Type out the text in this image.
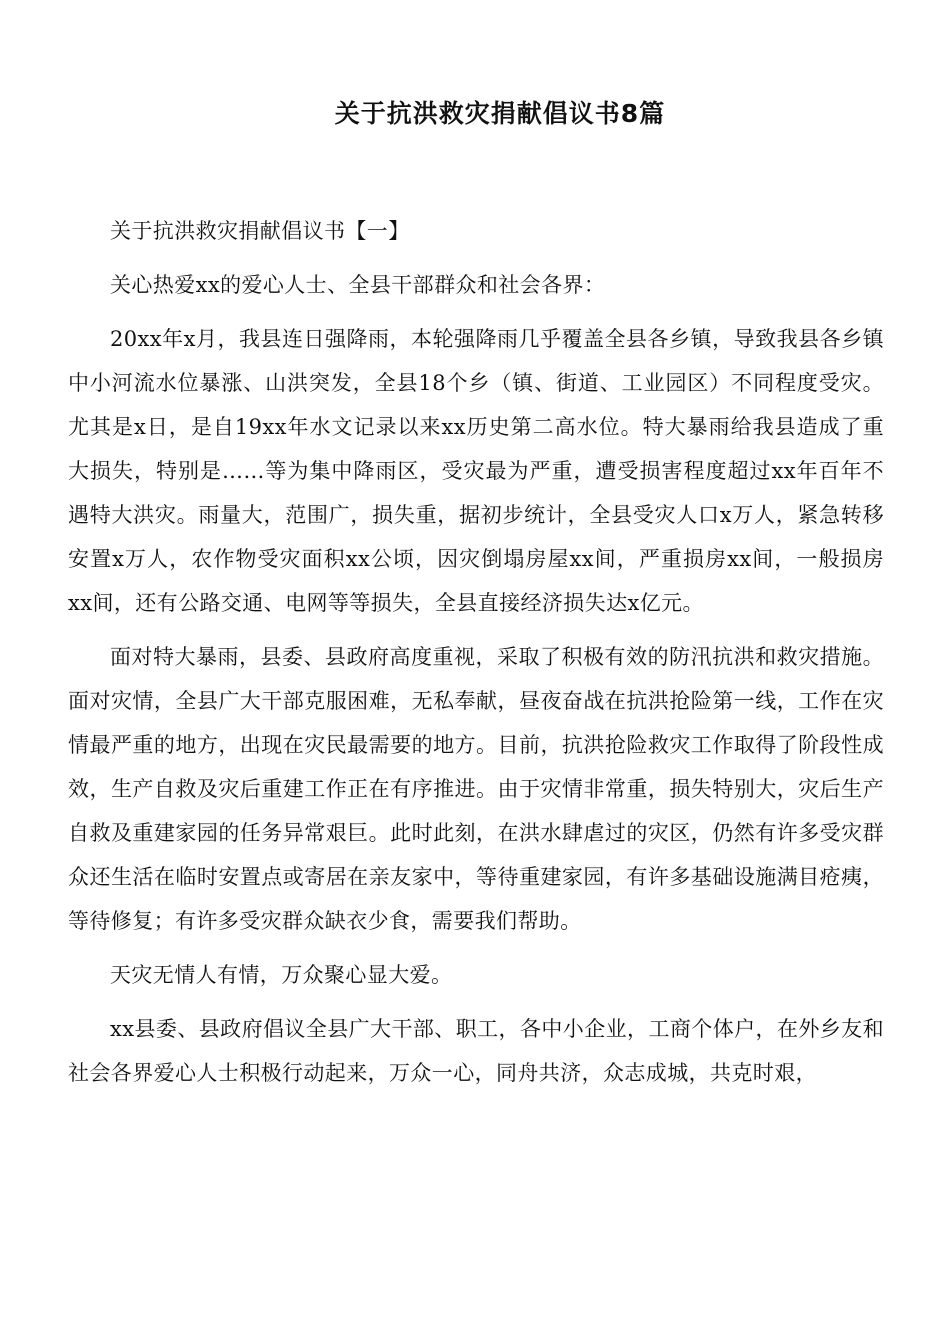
关于抗洪救灾捐献倡议书8篇

关于抗洪救灾捐献倡议书【一】

关心热爱xx的爱心人士、全县干部群众和社会各界：

20xx年x月，我县连日强降雨，本轮强降雨几乎覆盖全县各乡镇，导致我县各乡镇中小河流水位暴涨、山洪突发，全县18个乡（镇、街道、工业园区）不同程度受灾。尤其是x日，是自19xx年水文记录以来xx历史第二高水位。特大暴雨给我县造成了重大损失，特别是……等为集中降雨区，受灾最为严重，遭受损害程度超过xx年百年不遇特大洪灾。雨量大，范围广，损失重，据初步统计，全县受灾人口x万人，紧急转移安置x万人，农作物受灾面积xx公顷，因灾倒塌房屋xx间，严重损房xx间，一般损房xx间，还有公路交通、电网等等损失，全县直接经济损失达x亿元。

面对特大暴雨，县委、县政府高度重视，采取了积极有效的防汛抗洪和救灾措施。面对灾情，全县广大干部克服困难，无私奉献，昼夜奋战在抗洪抢险第一线，工作在灾情最严重的地方，出现在灾民最需要的地方。目前，抗洪抢险救灾工作取得了阶段性成效，生产自救及灾后重建工作正在有序推进。由于灾情非常重，损失特别大，灾后生产自救及重建家园的任务异常艰巨。此时此刻，在洪水肆虐过的灾区，仍然有许多受灾群众还生活在临时安置点或寄居在亲友家中，等待重建家园，有许多基础设施满目疮痍，等待修复；有许多受灾群众缺衣少食，需要我们帮助。

天灾无情人有情，万众聚心显大爱。

xx县委、县政府倡议全县广大干部、职工，各中小企业，工商个体户，在外乡友和社会各界爱心人士积极行动起来，万众一心，同舟共济，众志成城，共克时艰，
